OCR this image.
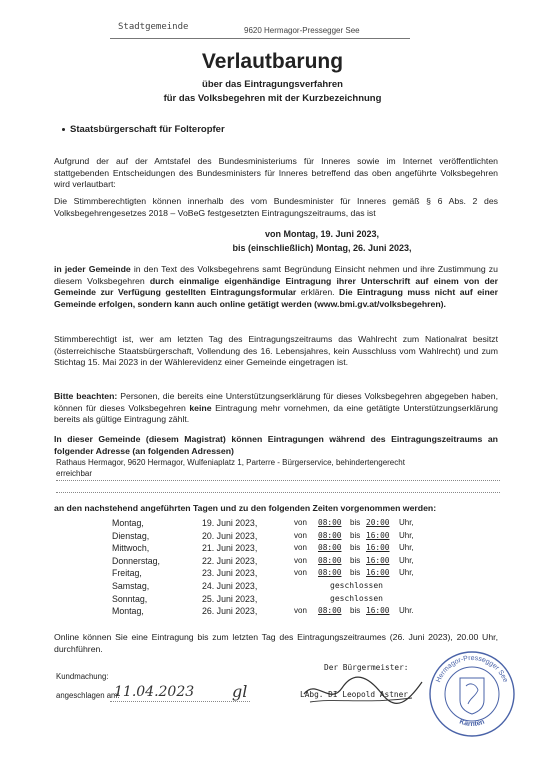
Stadtgemeinde	9620 Hermagor-Pressegger See
Verlautbarung
über das Eintragungsverfahren
für das Volksbegehren mit der Kurzbezeichnung
Staatsbürgerschaft für Folteropfer
Aufgrund der auf der Amtstafel des Bundesministeriums für Inneres sowie im Internet veröffentlichten stattgebenden Entscheidungen des Bundesministers für Inneres betreffend das oben angeführte Volksbegehren wird verlautbart:
Die Stimmberechtigten können innerhalb des vom Bundesminister für Inneres gemäß § 6 Abs. 2 des Volksbegehrengesetzes 2018 – VoBeG festgesetzten Eintragungszeitraums, das ist
von Montag, 19. Juni 2023,
bis (einschließlich) Montag, 26. Juni 2023,
in jeder Gemeinde in den Text des Volksbegehrens samt Begründung Einsicht nehmen und ihre Zustimmung zu diesem Volksbegehren durch einmalige eigenhändige Eintragung ihrer Unterschrift auf einem von der Gemeinde zur Verfügung gestellten Eintragungsformular erklären. Die Eintragung muss nicht auf einer Gemeinde erfolgen, sondern kann auch online getätigt werden (www.bmi.gv.at/volksbegehren).
Stimmberechtigt ist, wer am letzten Tag des Eintragungszeitraums das Wahlrecht zum Nationalrat besitzt (österreichische Staatsbürgerschaft, Vollendung des 16. Lebensjahres, kein Ausschluss vom Wahlrecht) und zum Stichtag 15. Mai 2023 in der Wählerevidenz einer Gemeinde eingetragen ist.
Bitte beachten: Personen, die bereits eine Unterstützungserklärung für dieses Volksbegehren abgegeben haben, können für dieses Volksbegehren keine Eintragung mehr vornehmen, da eine getätigte Unterstützungserklärung bereits als gültige Eintragung zählt.
In dieser Gemeinde (diesem Magistrat) können Eintragungen während des Eintragungszeitraums an folgender Adresse (an folgenden Adressen)
Rathaus Hermagor, 9620 Hermagor, Wulfeniaplatz 1, Parterre - Bürgerservice, behindertengerecht
erreichbar
an den nachstehend angeführten Tagen und zu den folgenden Zeiten vorgenommen werden:
Montag,	19. Juni 2023,	von 08:00 bis 20:00 Uhr,
Dienstag,	20. Juni 2023,	von 08:00 bis 16:00 Uhr,
Mittwoch,	21. Juni 2023,	von 08:00 bis 16:00 Uhr,
Donnerstag,	22. Juni 2023,	von 08:00 bis 16:00 Uhr,
Freitag,	23. Juni 2023,	von 08:00 bis 16:00 Uhr,
Samstag,	24. Juni 2023,	geschlossen
Sonntag,	25. Juni 2023,	geschlossen
Montag,	26. Juni 2023,	von 08:00 bis 16:00 Uhr.
Online können Sie eine Eintragung bis zum letzten Tag des Eintragungszeitraumes (26. Juni 2023), 20.00 Uhr, durchführen.
Kundmachung:
Der Bürgermeister:
angeschlagen am:
11.04.2023 gl	LAbg. DI Leopold Astner
Hermagor-Pressegger See
Kärnten
